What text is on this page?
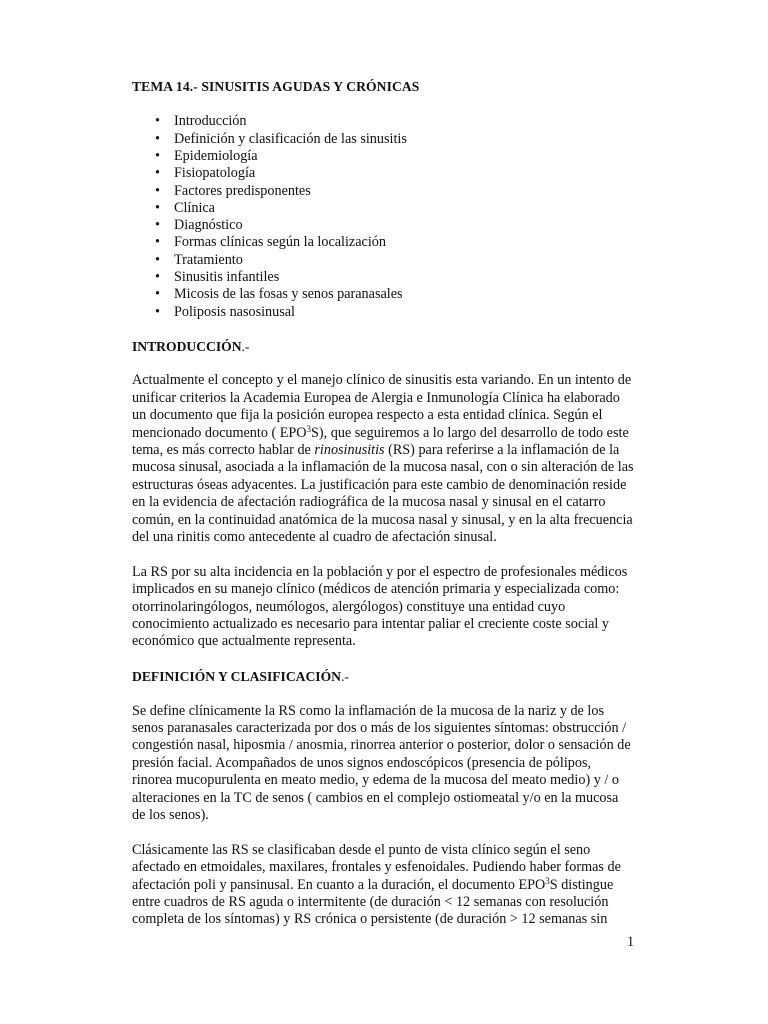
TEMA 14.- SINUSITIS AGUDAS Y CRÓNICAS
• Introducción
• Definición y clasificación de las sinusitis
• Epidemiología
• Fisiopatología
• Factores predisponentes
• Clínica
• Diagnóstico
• Formas clínicas según la localización
• Tratamiento
• Sinusitis infantiles
• Micosis de las fosas y senos paranasales
• Poliposis nasosinusal
INTRODUCCIÓN.-

Actualmente el concepto y el manejo clínico de sinusitis esta variando. En un intento de
unificar criterios la Academia Europea de Alergia e Inmunología Clínica ha elaborado
un documento que fija la posición europea respecto a esta entidad clínica. Según el
mencionado documento ( EPO$^3$S), que seguiremos a lo largo del desarrollo de todo este
tema, es más correcto hablar de rinosinusitis (RS) para referirse a la inflamación de la
mucosa sinusal, asociada a la inflamación de la mucosa nasal, con o sin alteración de las
estructuras óseas adyacentes. La justificación para este cambio de denominación reside
en la evidencia de afectación radiográfica de la mucosa nasal y sinusal en el catarro
común, en la continuidad anatómica de la mucosa nasal y sinusal, y en la alta frecuencia
del una rinitis como antecedente al cuadro de afectación sinusal.

La RS por su alta incidencia en la población y por el espectro de profesionales médicos
implicados en su manejo clínico (médicos de atención primaria y especializada como:
otorrinolaringólogos, neumólogos, alergólogos) constituye una entidad cuyo
conocimiento actualizado es necesario para intentar paliar el creciente coste social y
económico que actualmente representa.

DEFINICIÓN Y CLASIFICACIÓN.-

Se define clínicamente la RS como la inflamación de la mucosa de la nariz y de los
senos paranasales caracterizada por dos o más de los siguientes síntomas: obstrucción /
congestión nasal, hiposmia / anosmia, rinorrea anterior o posterior, dolor o sensación de
presión facial. Acompañados de unos signos endoscópicos (presencia de pólipos,
rinorea mucopurulenta en meato medio, y edema de la mucosa del meato medio) y / o
alteraciones en la TC de senos ( cambios en el complejo ostiomeatal y/o en la mucosa
de los senos).

Clásicamente las RS se clasificaban desde el punto de vista clínico según el seno
afectado en etmoidales, maxilares, frontales y esfenoidales. Pudiendo haber formas de
afectación poli y pansinusal. En cuanto a la duración, el documento EPO$^3$S distingue
entre cuadros de RS aguda o intermitente (de duración < 12 semanas con resolución
completa de los síntomas) y RS crónica o persistente (de duración > 12 semanas sin

1
